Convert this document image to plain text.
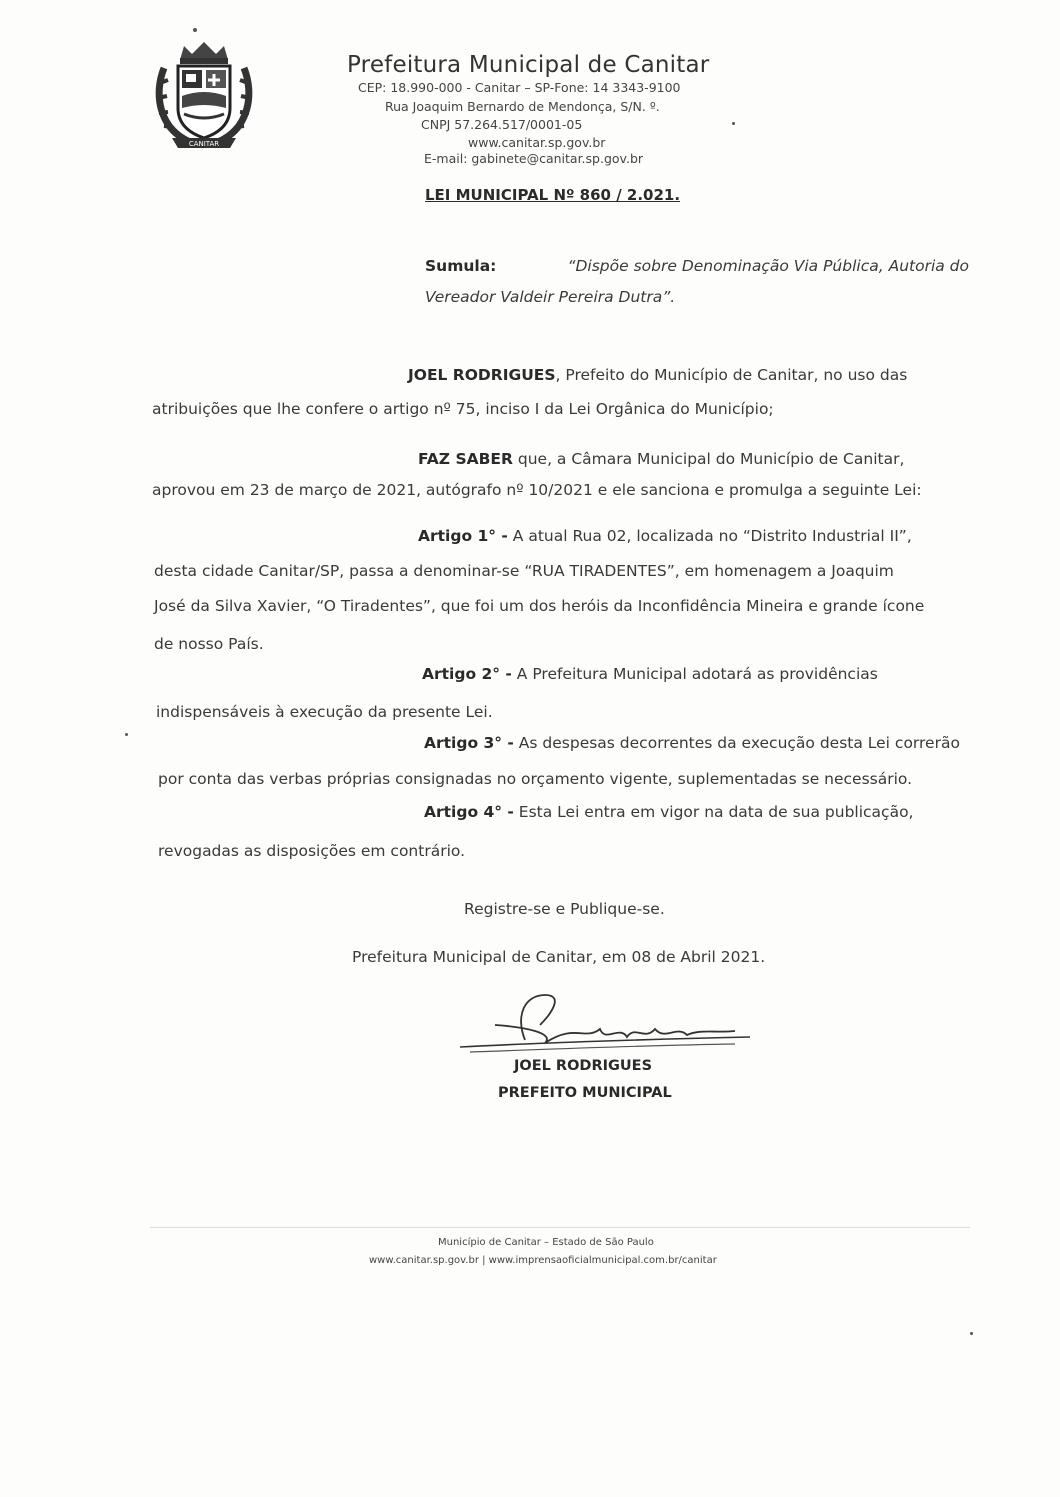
CANITAR
Prefeitura Municipal de Canitar
CEP: 18.990-000 - Canitar – SP-Fone: 14 3343-9100
Rua Joaquim Bernardo de Mendonça, S/N. º.
CNPJ 57.264.517/0001-05
www.canitar.sp.gov.br
E-mail: gabinete@canitar.sp.gov.br
LEI MUNICIPAL Nº 860 / 2.021.
Sumula:	“Dispõe sobre Denominação Via Pública, Autoria do
Vereador Valdeir Pereira Dutra”.
JOEL RODRIGUES, Prefeito do Município de Canitar, no uso das
atribuições que lhe confere o artigo nº 75, inciso I da Lei Orgânica do Município;
FAZ SABER que, a Câmara Municipal do Município de Canitar,
aprovou em 23 de março de 2021, autógrafo nº 10/2021 e ele sanciona e promulga a seguinte Lei:
Artigo 1° - A atual Rua 02, localizada no “Distrito Industrial II”,
desta cidade Canitar/SP, passa a denominar-se “RUA TIRADENTES”, em homenagem a Joaquim
José da Silva Xavier, “O Tiradentes”, que foi um dos heróis da Inconfidência Mineira e grande ícone
de nosso País.
Artigo 2° - A Prefeitura Municipal adotará as providências
indispensáveis à execução da presente Lei.
Artigo 3° - As despesas decorrentes da execução desta Lei correrão
por conta das verbas próprias consignadas no orçamento vigente, suplementadas se necessário.
Artigo 4° - Esta Lei entra em vigor na data de sua publicação,
revogadas as disposições em contrário.
Registre-se e Publique-se.
Prefeitura Municipal de Canitar, em 08 de Abril 2021.
JOEL RODRIGUES
PREFEITO MUNICIPAL
Município de Canitar – Estado de São Paulo
www.canitar.sp.gov.br | www.imprensaoficialmunicipal.com.br/canitar
